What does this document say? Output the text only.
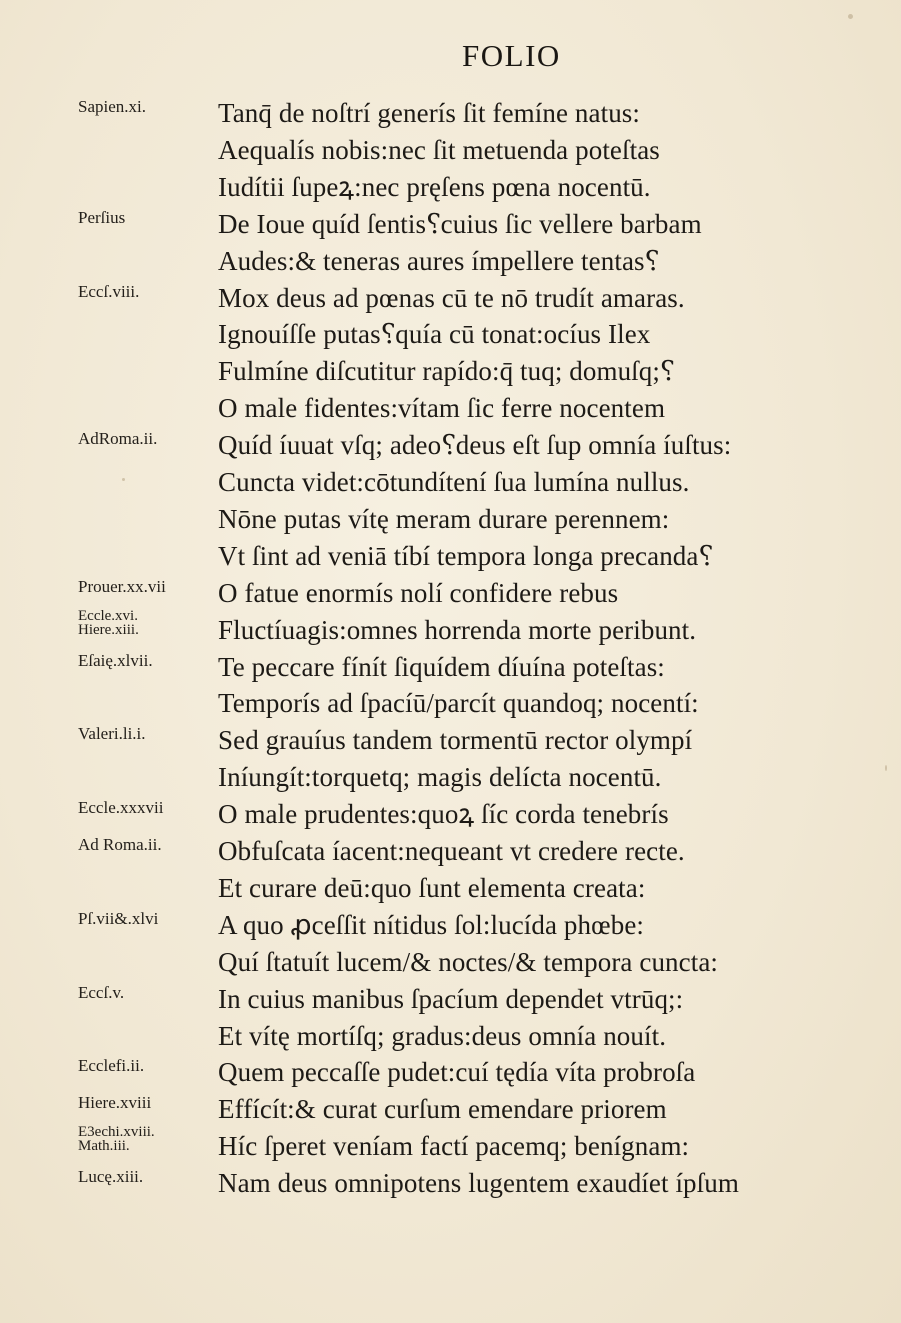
FOLIO
Sapien.xi.	Tanq̄ de noſtrí generís ſit femíne natus:
Aequalís nobis:nec ſit metuenda poteſtas
Iudítii ſupeꝝ:nec pręſens pœna nocentū.
Perſius	De Ioue quíd ſentis⸮cuius ſic vellere barbam
Audes:& teneras aures ímpellere tentas⸮
Eccſ.viii.	Mox deus ad pœnas cū te nō trudít amaras.
Ignouíſſe putas⸮quía cū tonat:ocíus Ilex
Fulmíne diſcutitur rapído:q̄ tuq; domuſq;⸮
O male fidentes:vítam ſic ferre nocentem
AdRoma.ii. Quíd íuuat vſq; adeo⸮deus eſt ſup omnía íuſtus:
Cuncta videt:cōtundítení ſua lumína nullus.
Nōne putas vítę meram durare perennem:
Vt ſint ad veniā tíbí tempora longa precanda⸮
Prouer.xx.vii O fatue enormís nolí confidere rebus
Eccle.xvi.
Hiere.xiii.	Fluctíuagis:omnes horrenda morte peribunt.
Eſaię.xlvii. Te peccare fínít ſiquídem díuína poteſtas:
Temporís ad ſpacíū/parcít quandoq; nocentí:
Valeri.li.i.	Sed grauíus tandem tormentū rector olympí
Iníungít:torquetq; magis delícta nocentū.
Eccle.xxxvii O male prudentes:quoꝝ ſíc corda tenebrís
Ad Roma.ii. Obfuſcata íacent:nequeant vt credere recte.
Et curare deū:quo ſunt elementa creata:
Pſ.vii&.xlvi A quo ꝓceſſit nítidus ſol:lucída phœbe:
Quí ſtatuít lucem/& noctes/& tempora cuncta:
Eccſ.v.	In cuius manibus ſpacíum dependet vtrūq;:
Et vítę mortíſq; gradus:deus omnía nouít.
Ecclefi.ii.	Quem peccaſſe pudet:cuí tędía víta probroſa
Hiere.xviii Effícít:& curat curſum emendare priorem
E3echi.xviii.
Math.iii.	Híc ſperet veníam factí pacemq; benígnam:
Lucę.xiii.	Nam deus omnipotens lugentem exaudíet ípſum
